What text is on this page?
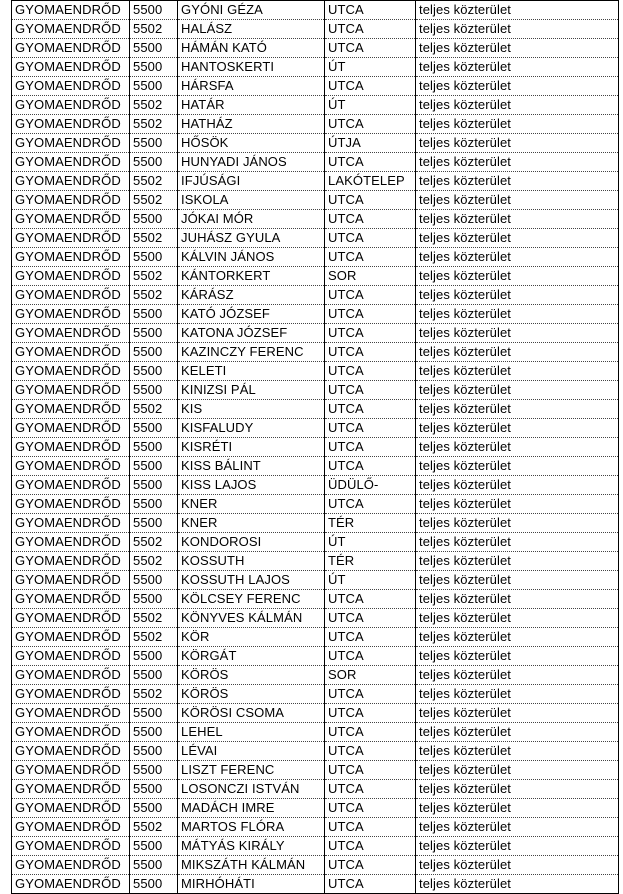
GYOMAENDRŐD	5500	GYÓNI GÉZA	UTCA	teljes közterület
GYOMAENDRŐD	5502	HALÁSZ	UTCA	teljes közterület
GYOMAENDRŐD	5500	HÁMÁN KATÓ	UTCA	teljes közterület
GYOMAENDRŐD	5500	HANTOSKERTI	ÚT	teljes közterület
GYOMAENDRŐD	5500	HÁRSFA	UTCA	teljes közterület
GYOMAENDRŐD	5502	HATÁR	ÚT	teljes közterület
GYOMAENDRŐD	5502	HATHÁZ	UTCA	teljes közterület
GYOMAENDRŐD	5500	HŐSÖK	ÚTJA	teljes közterület
GYOMAENDRŐD	5500	HUNYADI JÁNOS	UTCA	teljes közterület
GYOMAENDRŐD	5502	IFJÚSÁGI	LAKÓTELEP	teljes közterület
GYOMAENDRŐD	5502	ISKOLA	UTCA	teljes közterület
GYOMAENDRŐD	5500	JÓKAI MÓR	UTCA	teljes közterület
GYOMAENDRŐD	5502	JUHÁSZ GYULA	UTCA	teljes közterület
GYOMAENDRŐD	5500	KÁLVIN JÁNOS	UTCA	teljes közterület
GYOMAENDRŐD	5502	KÁNTORKERT	SOR	teljes közterület
GYOMAENDRŐD	5502	KÁRÁSZ	UTCA	teljes közterület
GYOMAENDRŐD	5500	KATÓ JÓZSEF	UTCA	teljes közterület
GYOMAENDRŐD	5500	KATONA JÓZSEF	UTCA	teljes közterület
GYOMAENDRŐD	5500	KAZINCZY FERENC	UTCA	teljes közterület
GYOMAENDRŐD	5500	KELETI	UTCA	teljes közterület
GYOMAENDRŐD	5500	KINIZSI PÁL	UTCA	teljes közterület
GYOMAENDRŐD	5502	KIS	UTCA	teljes közterület
GYOMAENDRŐD	5500	KISFALUDY	UTCA	teljes közterület
GYOMAENDRŐD	5500	KISRÉTI	UTCA	teljes közterület
GYOMAENDRŐD	5500	KISS BÁLINT	UTCA	teljes közterület
GYOMAENDRŐD	5500	KISS LAJOS	ÜDÜLŐ-	teljes közterület
GYOMAENDRŐD	5500	KNER	UTCA	teljes közterület
GYOMAENDRŐD	5500	KNER	TÉR	teljes közterület
GYOMAENDRŐD	5502	KONDOROSI	ÚT	teljes közterület
GYOMAENDRŐD	5502	KOSSUTH	TÉR	teljes közterület
GYOMAENDRŐD	5500	KOSSUTH LAJOS	ÚT	teljes közterület
GYOMAENDRŐD	5500	KÖLCSEY FERENC	UTCA	teljes közterület
GYOMAENDRŐD	5502	KÖNYVES KÁLMÁN	UTCA	teljes közterület
GYOMAENDRŐD	5502	KÖR	UTCA	teljes közterület
GYOMAENDRŐD	5500	KÖRGÁT	UTCA	teljes közterület
GYOMAENDRŐD	5500	KÖRÖS	SOR	teljes közterület
GYOMAENDRŐD	5502	KÖRÖS	UTCA	teljes közterület
GYOMAENDRŐD	5500	KÖRÖSI CSOMA	UTCA	teljes közterület
GYOMAENDRŐD	5500	LEHEL	UTCA	teljes közterület
GYOMAENDRŐD	5500	LÉVAI	UTCA	teljes közterület
GYOMAENDRŐD	5500	LISZT FERENC	UTCA	teljes közterület
GYOMAENDRŐD	5500	LOSONCZI ISTVÁN	UTCA	teljes közterület
GYOMAENDRŐD	5500	MADÁCH IMRE	UTCA	teljes közterület
GYOMAENDRŐD	5502	MARTOS FLÓRA	UTCA	teljes közterület
GYOMAENDRŐD	5500	MÁTYÁS KIRÁLY	UTCA	teljes közterület
GYOMAENDRŐD	5500	MIKSZÁTH KÁLMÁN	UTCA	teljes közterület
GYOMAENDRŐD	5500	MIRHÓHÁTI	UTCA	teljes közterület
